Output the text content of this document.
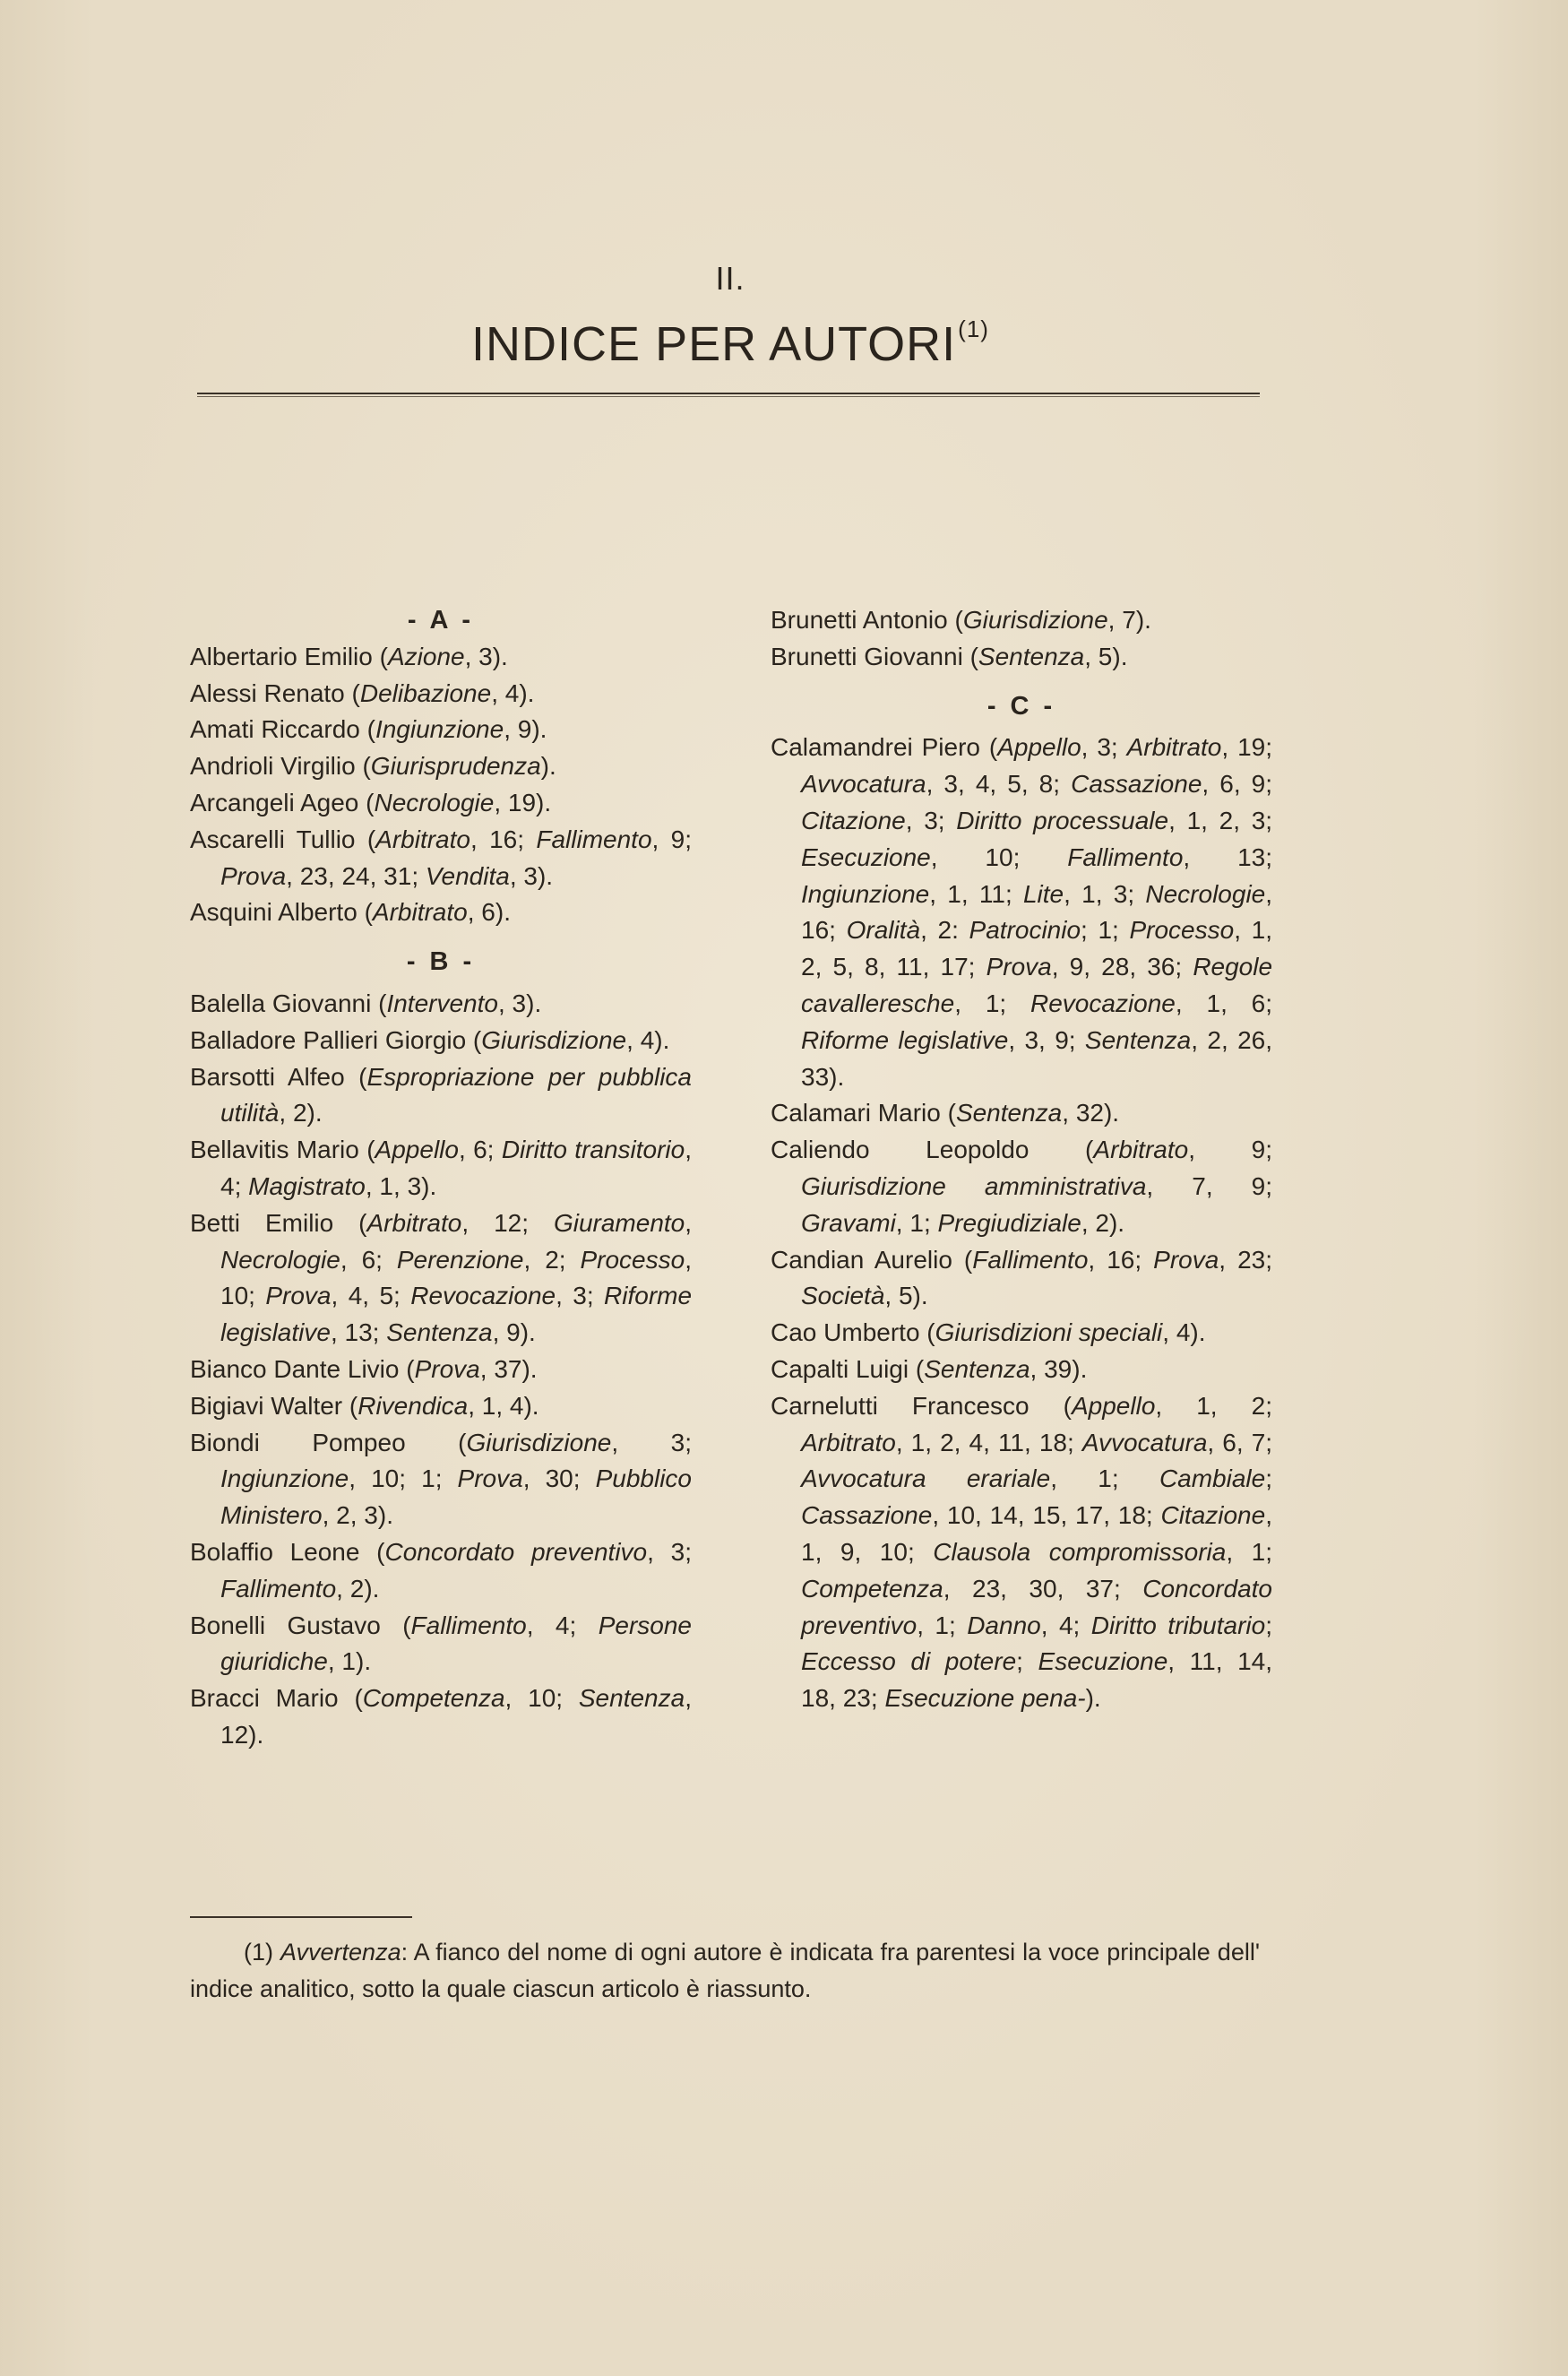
II.
INDICE PER AUTORI$^{(1)}$
- A -

Albertario Emilio (Azione, 3).

Alessi Renato (Delibazione, 4).

Amati Riccardo (Ingiunzione, 9).

Andrioli Virgilio (Giurisprudenza).

Arcangeli Ageo (Necrologie, 19).

Ascarelli Tullio (Arbitrato, 16; Fallimento, 9; Prova, 23, 24, 31; Vendita, 3).

Asquini Alberto (Arbitrato, 6).

- B -

Balella Giovanni (Intervento, 3).

Balladore Pallieri Giorgio (Giurisdizione, 4).

Barsotti Alfeo (Espropriazione per pubblica utilità, 2).

Bellavitis Mario (Appello, 6; Diritto transitorio, 4; Magistrato, 1, 3).

Betti Emilio (Arbitrato, 12; Giuramento, Necrologie, 6; Perenzione, 2; Processo, 10; Prova, 4, 5; Revocazione, 3; Riforme legislative, 13; Sentenza, 9).

Bianco Dante Livio (Prova, 37).

Bigiavi Walter (Rivendica, 1, 4).

Biondi Pompeo (Giurisdizione, 3; Ingiunzione, 10; 1; Prova, 30; Pubblico Ministero, 2, 3).

Bolaffio Leone (Concordato preventivo, 3; Fallimento, 2).

Bonelli Gustavo (Fallimento, 4; Persone giuridiche, 1).

Bracci Mario (Competenza, 10; Sentenza, 12).

Brunetti Antonio (Giurisdizione, 7).

Brunetti Giovanni (Sentenza, 5).

- C -

Calamandrei Piero (Appello, 3; Arbitrato, 19; Avvocatura, 3, 4, 5, 8; Cassazione, 6, 9; Citazione, 3; Diritto processuale, 1, 2, 3; Esecuzione, 10; Fallimento, 13; Ingiunzione, 1, 11; Lite, 1, 3; Necrologie, 16; Oralità, 2: Patrocinio; 1; Processo, 1, 2, 5, 8, 11, 17; Prova, 9, 28, 36; Regole cavalleresche, 1; Revocazione, 1, 6; Riforme legislative, 3, 9; Sentenza, 2, 26, 33).

Calamari Mario (Sentenza, 32).

Caliendo Leopoldo (Arbitrato, 9; Giurisdizione amministrativa, 7, 9; Gravami, 1; Pregiudiziale, 2).

Candian Aurelio (Fallimento, 16; Prova, 23; Società, 5).

Cao Umberto (Giurisdizioni speciali, 4).

Capalti Luigi (Sentenza, 39).

Carnelutti Francesco (Appello, 1, 2; Arbitrato, 1, 2, 4, 11, 18; Avvocatura, 6, 7; Avvocatura erariale, 1; Cambiale; Cassazione, 10, 14, 15, 17, 18; Citazione, 1, 9, 10; Clausola compromissoria, 1; Competenza, 23, 30, 37; Concordato preventivo, 1; Danno, 4; Diritto tributario; Eccesso di potere; Esecuzione, 11, 14, 18, 23; Esecuzione pena-).

(1) Avvertenza: A fianco del nome di ogni autore è indicata fra parentesi la voce principale dell' indice analitico, sotto la quale ciascun articolo è riassunto.
